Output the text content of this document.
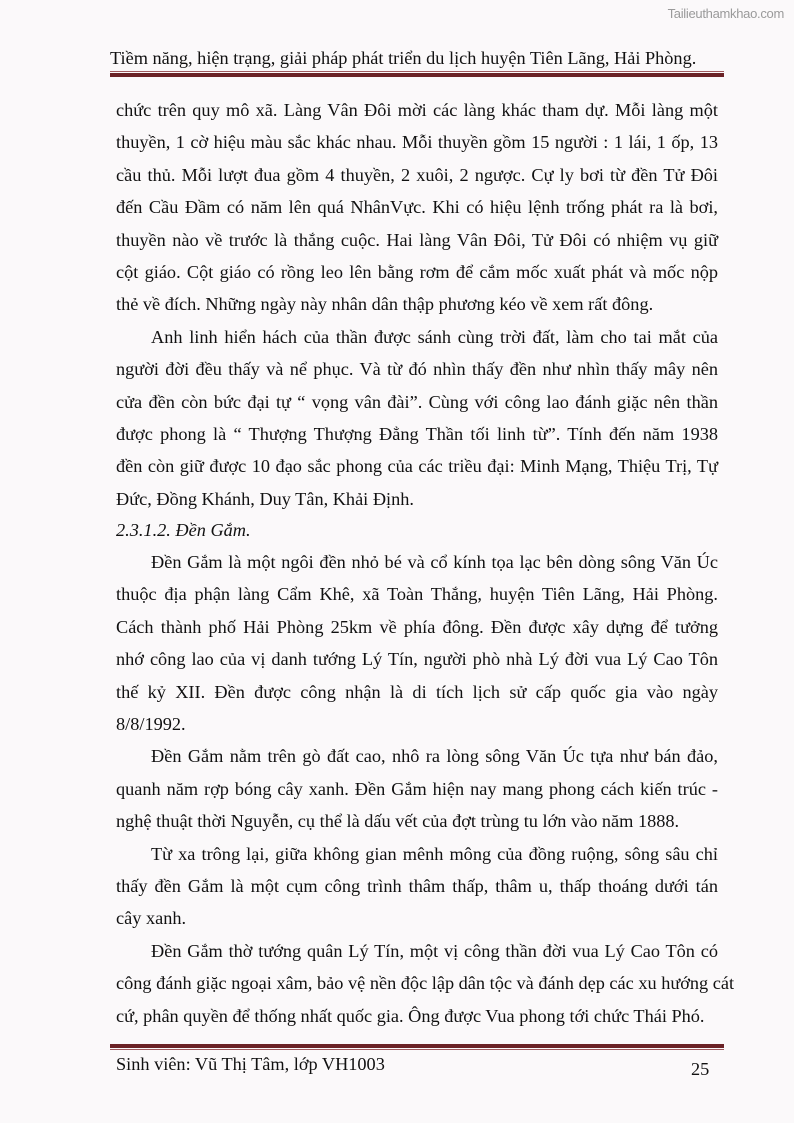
Tailieuthamkhao.com
Tiềm năng, hiện trạng, giải pháp phát triển du lịch huyện Tiên Lãng, Hải Phòng.
chức trên quy mô xã. Làng Vân Đôi mời các làng khác tham dự. Mỗi làng một
thuyền, 1 cờ hiệu màu sắc khác nhau. Mỗi thuyền gồm 15 người : 1 lái, 1 ốp, 13
cầu thủ. Mỗi lượt đua gồm 4 thuyền, 2 xuôi, 2 ngược. Cự ly bơi từ đền Tử Đôi
đến Cầu Đầm có năm lên quá NhânVực. Khi có hiệu lệnh trống phát ra là bơi,
thuyền nào về trước là thắng cuộc. Hai làng Vân Đôi, Tử Đôi có nhiệm vụ giữ
cột giáo. Cột giáo có rồng leo lên bằng rơm để cắm mốc xuất phát và mốc nộp
thẻ về đích. Những ngày này nhân dân thập phương kéo về xem rất đông.
Anh linh hiển hách của thần được sánh cùng trời đất, làm cho tai mắt của
người đời đều thấy và nể phục. Và từ đó nhìn thấy đền như nhìn thấy mây nên
cửa đền còn bức đại tự “ vọng vân đài”. Cùng với công lao đánh giặc nên thần
được phong là “ Thượng Thượng Đẳng Thần tối linh từ”. Tính đến năm 1938
đền còn giữ được 10 đạo sắc phong của các triều đại: Minh Mạng, Thiệu Trị, Tự
Đức, Đồng Khánh, Duy Tân, Khải Định.
2.3.1.2. Đền Gắm.
Đền Gắm là một ngôi đền nhỏ bé và cổ kính tọa lạc bên dòng sông Văn Úc
thuộc địa phận làng Cẩm Khê, xã Toàn Thắng, huyện Tiên Lãng, Hải Phòng.
Cách thành phố Hải Phòng 25km về phía đông. Đền được xây dựng để tưởng
nhớ công lao của vị danh tướng Lý Tín, người phò nhà Lý đời vua Lý Cao Tôn
thế kỷ XII. Đền được công nhận là di tích lịch sử cấp quốc gia vào ngày
8/8/1992.
Đền Gắm nằm trên gò đất cao, nhô ra lòng sông Văn Úc tựa như bán đảo,
quanh năm rợp bóng cây xanh. Đền Gắm hiện nay mang phong cách kiến trúc -
nghệ thuật thời Nguyễn, cụ thể là dấu vết của đợt trùng tu lớn vào năm 1888.
Từ xa trông lại, giữa không gian mênh mông của đồng ruộng, sông sâu chỉ
thấy đền Gắm là một cụm công trình thâm thấp, thâm u, thấp thoáng dưới tán
cây xanh.
Đền Gắm thờ tướng quân Lý Tín, một vị công thần đời vua Lý Cao Tôn có
công đánh giặc ngoại xâm, bảo vệ nền độc lập dân tộc và đánh dẹp các xu hướng cát
cứ, phân quyền để thống nhất quốc gia. Ông được Vua phong tới chức Thái Phó.
Sinh viên: Vũ Thị Tâm, lớp VH1003	25
